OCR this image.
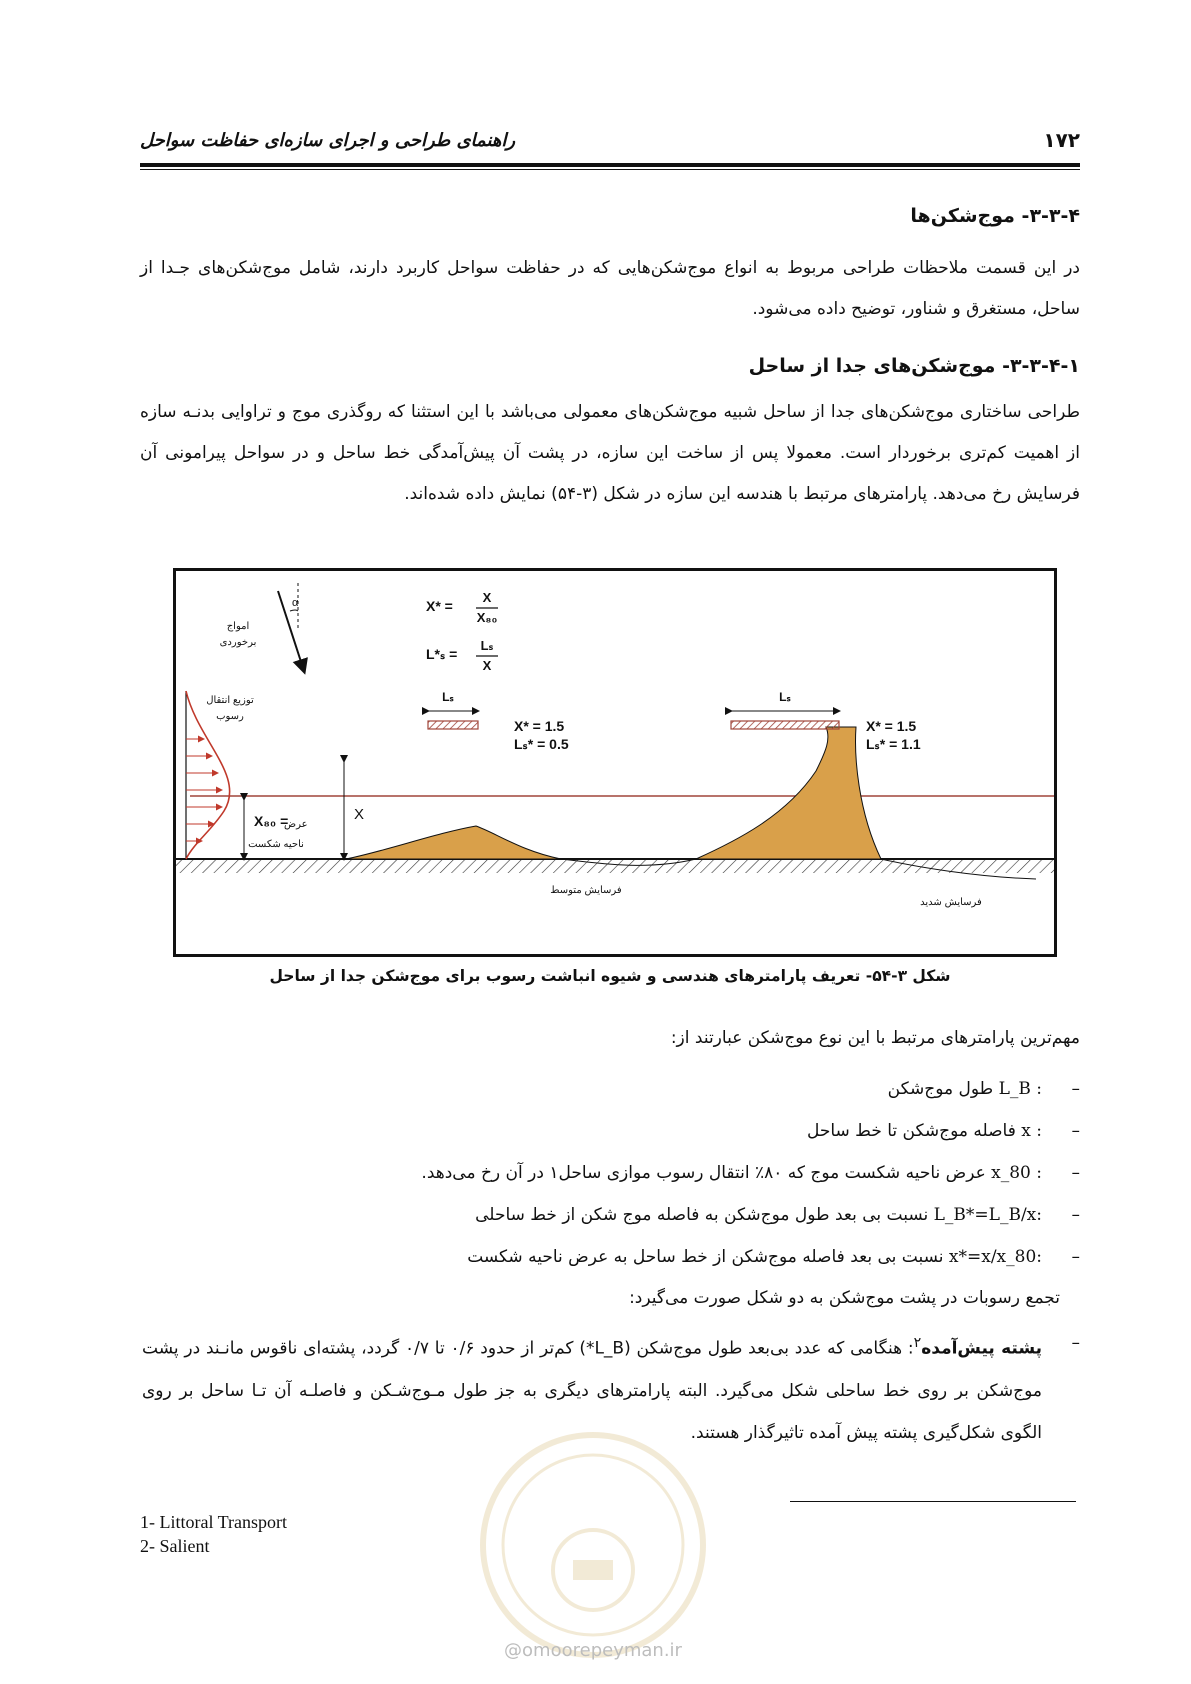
۱۷۲
راهنمای طراحی و اجرای سازه‌ای حفاظت سواحل
۳-۳-۴- موج‌شکن‌ها
در این قسمت ملاحظات طراحی مربوط به انواع موج‌شکن‌هایی که در حفاظت سواحل کاربرد دارند، شامل موج‌شکن‌های جـدا از ساحل، مستغرق و شناور، توضیح داده می‌شود.
۳-۳-۴-۱- موج‌شکن‌های جدا از ساحل
طراحی ساختاری موج‌شکن‌های جدا از ساحل شبیه موج‌شکن‌های معمولی می‌باشد با این استثنا که روگذری موج و تراوایی بدنـه سازه از اهمیت کم‌تری برخوردار است. معمولا پس از ساخت این سازه، در پشت آن پیش‌آمدگی خط ساحل و در سواحل پیرامونی آن فرسایش رخ می‌دهد. پارامترهای مرتبط با هندسه این سازه در شکل (۳-۵۴) نمایش داده شده‌اند.
α
امواج
برخوردی
توزیع انتقال
رسوب
X₈₀ =
عرض
ناحیه شکست
X
X* =
X
X₈₀
L*ₛ =
Lₛ
X
Lₛ	Lₛ
X* = 1.5
Lₛ* = 0.5
X* = 1.5
Lₛ* = 1.1
فرسایش متوسط
فرسایش شدید
شکل ۳-۵۴- تعریف پارامترهای هندسی و شیوه انباشت رسوب برای موج‌شکن جدا از ساحل
مهم‌ترین پارامترهای مرتبط با این نوع موج‌شکن عبارتند از:
–
L_B : طول موج‌شکن
–
x : فاصله موج‌شکن تا خط ساحل
–
x_80 : عرض ناحیه شکست موج که ۸۰٪ انتقال رسوب موازی ساحل۱ در آن رخ می‌دهد.
–
L_B*=L_B/x: نسبت بی بعد طول موج‌شکن به فاصله موج شکن از خط ساحلی
–
x*=x/x_80: نسبت بی بعد فاصله موج‌شکن از خط ساحل به عرض ناحیه شکست
تجمع رسوبات در پشت موج‌شکن به دو شکل صورت می‌گیرد:
–
پشته پیش‌آمده$^۲$: هنگامی که عدد بی‌بعد طول موج‌شکن (L_B*) کم‌تر از حدود ۰/۶ تا ۰/۷ گردد، پشته‌ای ناقوس مانـند در پشت موج‌شکن بر روی خط ساحلی شکل می‌گیرد. البته پارامترهای دیگری به جز طول مـوج‌شـکن و فاصلـه آن تـا ساحل بر روی الگوی شکل‌گیری پشته پیش آمده تاثیرگذار هستند.
@omoorepeyman.ir
1- Littoral Transport
2- Salient
